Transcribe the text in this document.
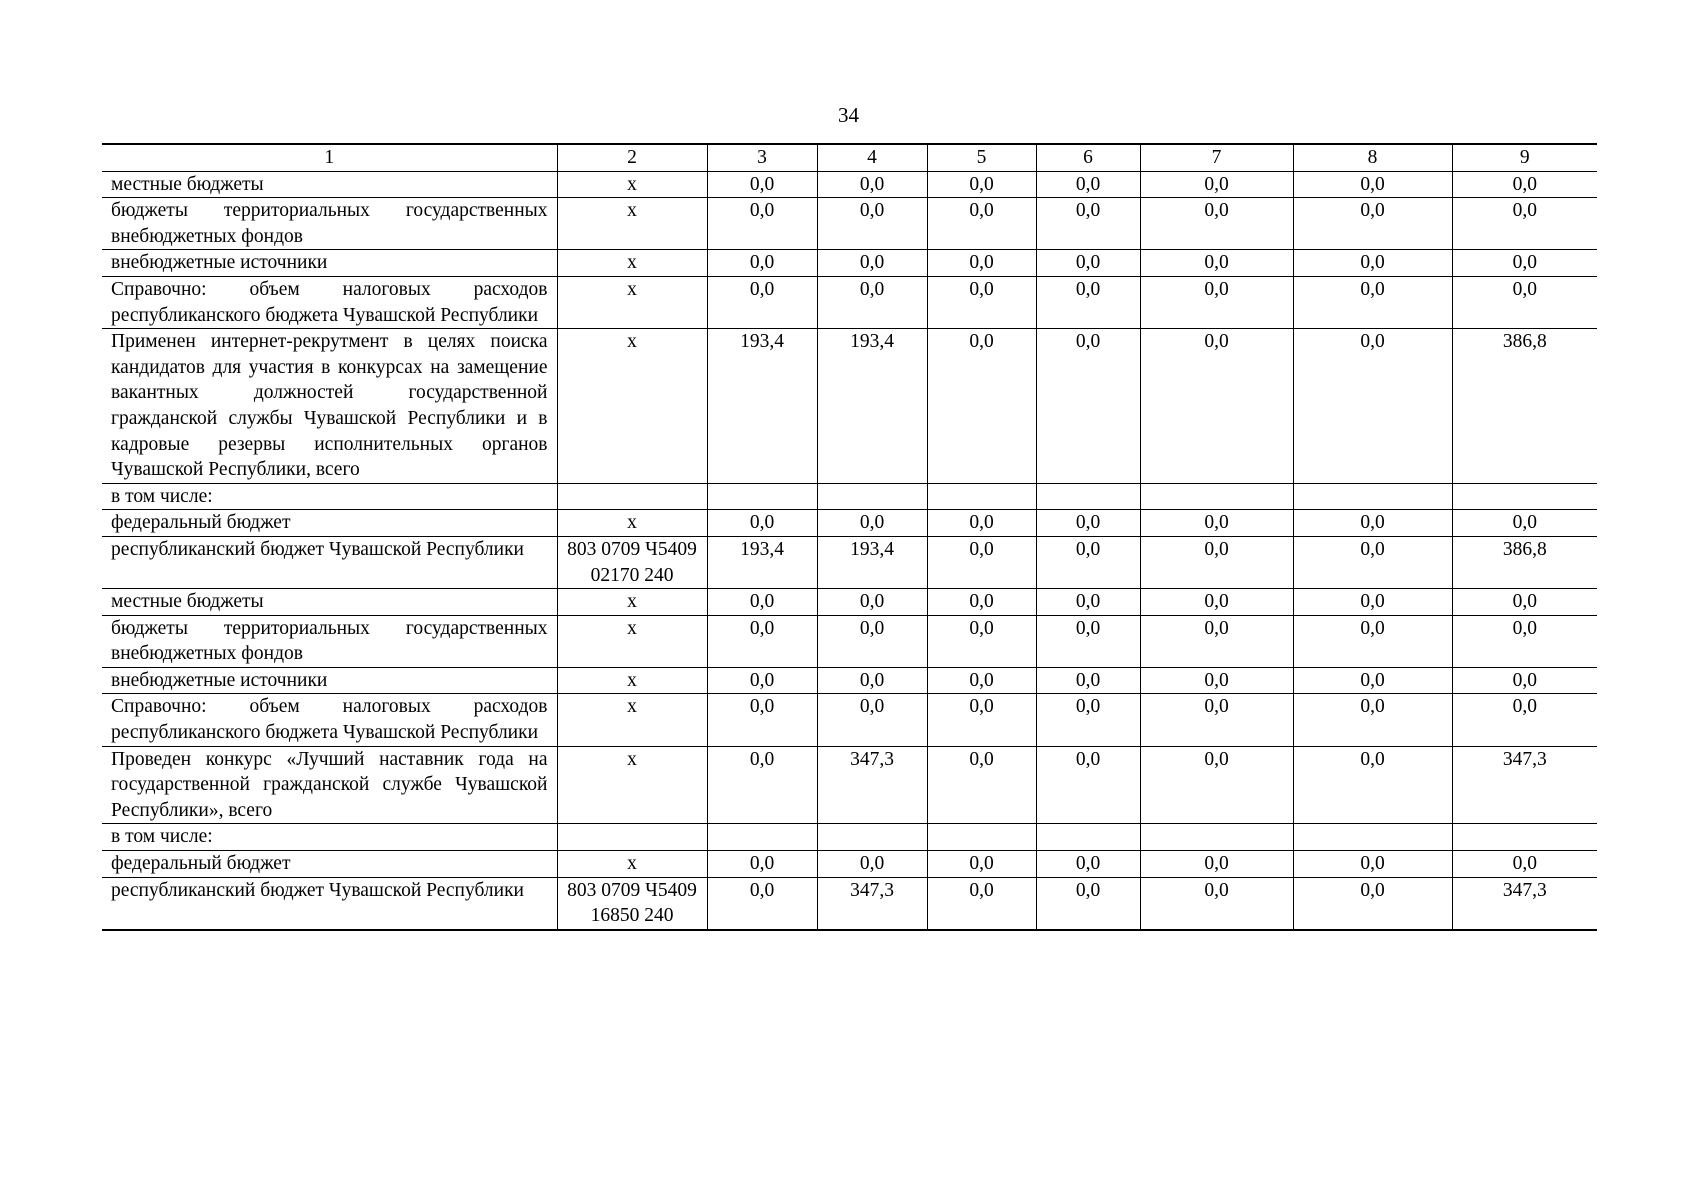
34
1	2	3	4	5	6	7	8	9
местные бюджеты	х	0,0	0,0	0,0	0,0	0,0	0,0	0,0
бюджеты территориальных государственных внебюджетных фондов	х	0,0	0,0	0,0	0,0	0,0	0,0	0,0
внебюджетные источники	х	0,0	0,0	0,0	0,0	0,0	0,0	0,0
Справочно: объем налоговых расходов республиканского бюджета Чувашской Республики	х	0,0	0,0	0,0	0,0	0,0	0,0	0,0
Применен интернет-рекрутмент в целях поиска кандидатов для участия в конкурсах на замещение вакантных должностей государственной гражданской службы Чувашской Республики и в кадровые резервы исполнительных органов Чувашской Республики, всего	х	193,4	193,4	0,0	0,0	0,0	0,0	386,8
в том числе:								
федеральный бюджет	х	0,0	0,0	0,0	0,0	0,0	0,0	0,0
республиканский бюджет Чувашской Республики	803 0709 Ч540902170 240	193,4	193,4	0,0	0,0	0,0	0,0	386,8
местные бюджеты	х	0,0	0,0	0,0	0,0	0,0	0,0	0,0
бюджеты территориальных государственных внебюджетных фондов	х	0,0	0,0	0,0	0,0	0,0	0,0	0,0
внебюджетные источники	х	0,0	0,0	0,0	0,0	0,0	0,0	0,0
Справочно: объем налоговых расходов республиканского бюджета Чувашской Республики	х	0,0	0,0	0,0	0,0	0,0	0,0	0,0
Проведен конкурс «Лучший наставник года на государственной гражданской службе Чувашской Республики», всего	х	0,0	347,3	0,0	0,0	0,0	0,0	347,3
в том числе:								
федеральный бюджет	х	0,0	0,0	0,0	0,0	0,0	0,0	0,0
республиканский бюджет Чувашской Республики	803 0709 Ч540916850 240	0,0	347,3	0,0	0,0	0,0	0,0	347,3
